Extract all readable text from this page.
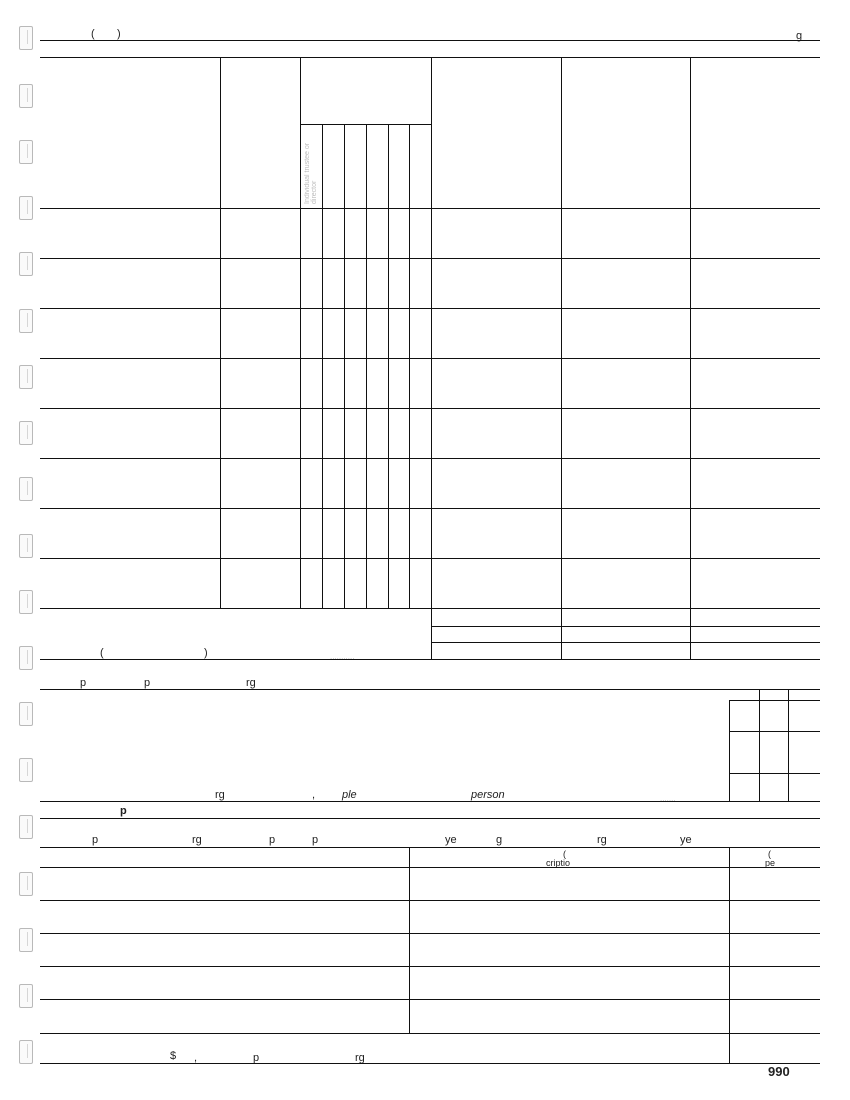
( )	g
Individual trustee or director
(	)	...........
p	p	rg
rg	, ple	person	.......
p
p	rg	p	p	ye	g	rg	ye
(
criptio
(
pe
$ ,	p	rg
990
